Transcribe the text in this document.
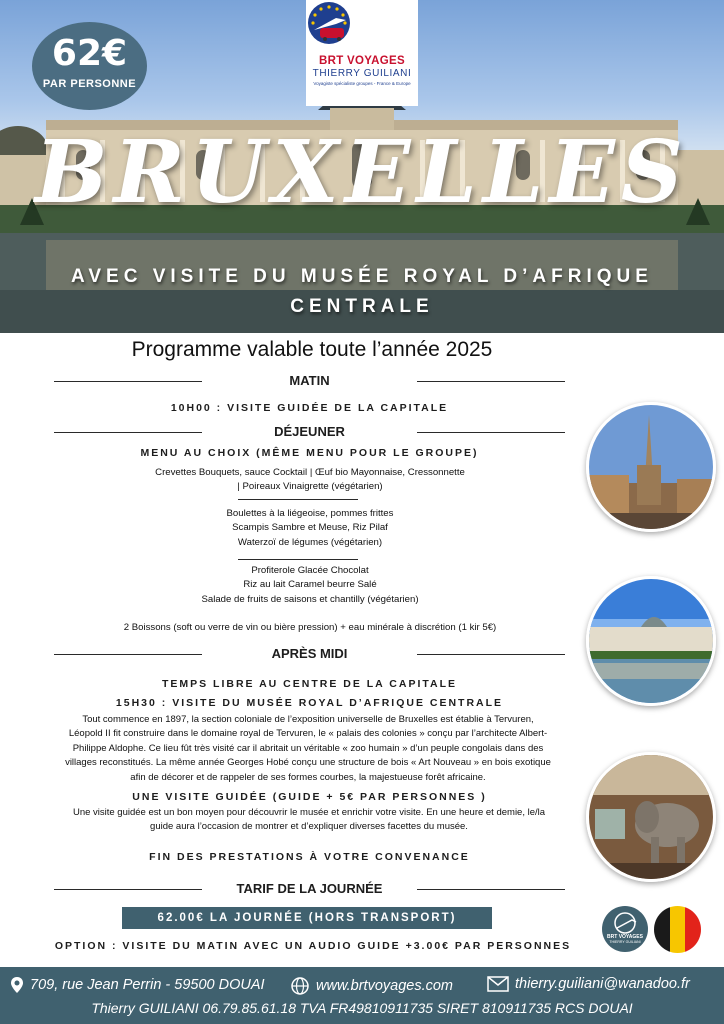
62€
PAR PERSONNE
BRT VOYAGES
THIERRY GUILIANI
Voyagiste spécialiste groupes - France & Europe
BRUXELLES
AVEC VISITE DU MUSÉE ROYAL D’AFRIQUE CENTRALE
Programme valable toute l’année 2025
MATIN
10H00 : VISITE GUIDÉE DE LA CAPITALE
DÉJEUNER
MENU AU CHOIX (MÊME MENU POUR LE GROUPE)
Crevettes Bouquets, sauce Cocktail | Œuf bio Mayonnaise, Cressonnette
| Poireaux Vinaigrette (végétarien)
Boulettes à la liégeoise, pommes frittes
Scampis Sambre et Meuse, Riz Pilaf
Waterzoï de légumes (végétarien)
Profiterole Glacée Chocolat
Riz au lait Caramel beurre Salé
Salade de fruits de saisons et chantilly (végétarien)
2 Boissons (soft ou verre de vin ou bière pression) + eau minérale à discrétion (1 kir 5€)
APRÈS MIDI
TEMPS LIBRE AU CENTRE DE LA CAPITALE
15H30 : VISITE DU MUSÉE ROYAL D’AFRIQUE CENTRALE
Tout commence en 1897, la section coloniale de l’exposition universelle de Bruxelles est établie à Tervuren,
Léopold II fit construire dans le domaine royal de Tervuren, le « palais des colonies » conçu par l’architecte Albert-
Philippe Aldophe. Ce lieu fût très visité car il abritait un véritable « zoo humain » d’un peuple congolais dans des
villages reconstitués. La même année Georges Hobé conçu une structure de bois « Art Nouveau » en bois exotique
afin de décorer et de rappeler de ses formes courbes, la majestueuse forêt africaine.
UNE VISITE GUIDÉE (GUIDE + 5€ PAR PERSONNES )
Une visite guidée est un bon moyen pour découvrir le musée et enrichir votre visite. En une heure et demie, le/la
guide aura l’occasion de montrer et d’expliquer diverses facettes du musée.
FIN DES PRESTATIONS À VOTRE CONVENANCE
TARIF DE LA JOURNÉE
62.00€ LA JOURNÉE (HORS TRANSPORT)
OPTION : VISITE DU MATIN AVEC UN AUDIO GUIDE +3.00€ PAR PERSONNES
BRT VOYAGES
THIERRY GUILIANI
709, rue Jean Perrin - 59500 DOUAI	www.brtvoyages.com	thierry.guiliani@wanadoo.fr
Thierry GUILIANI 06.79.85.61.18 TVA FR49810911735 SIRET 810911735 RCS DOUAI
